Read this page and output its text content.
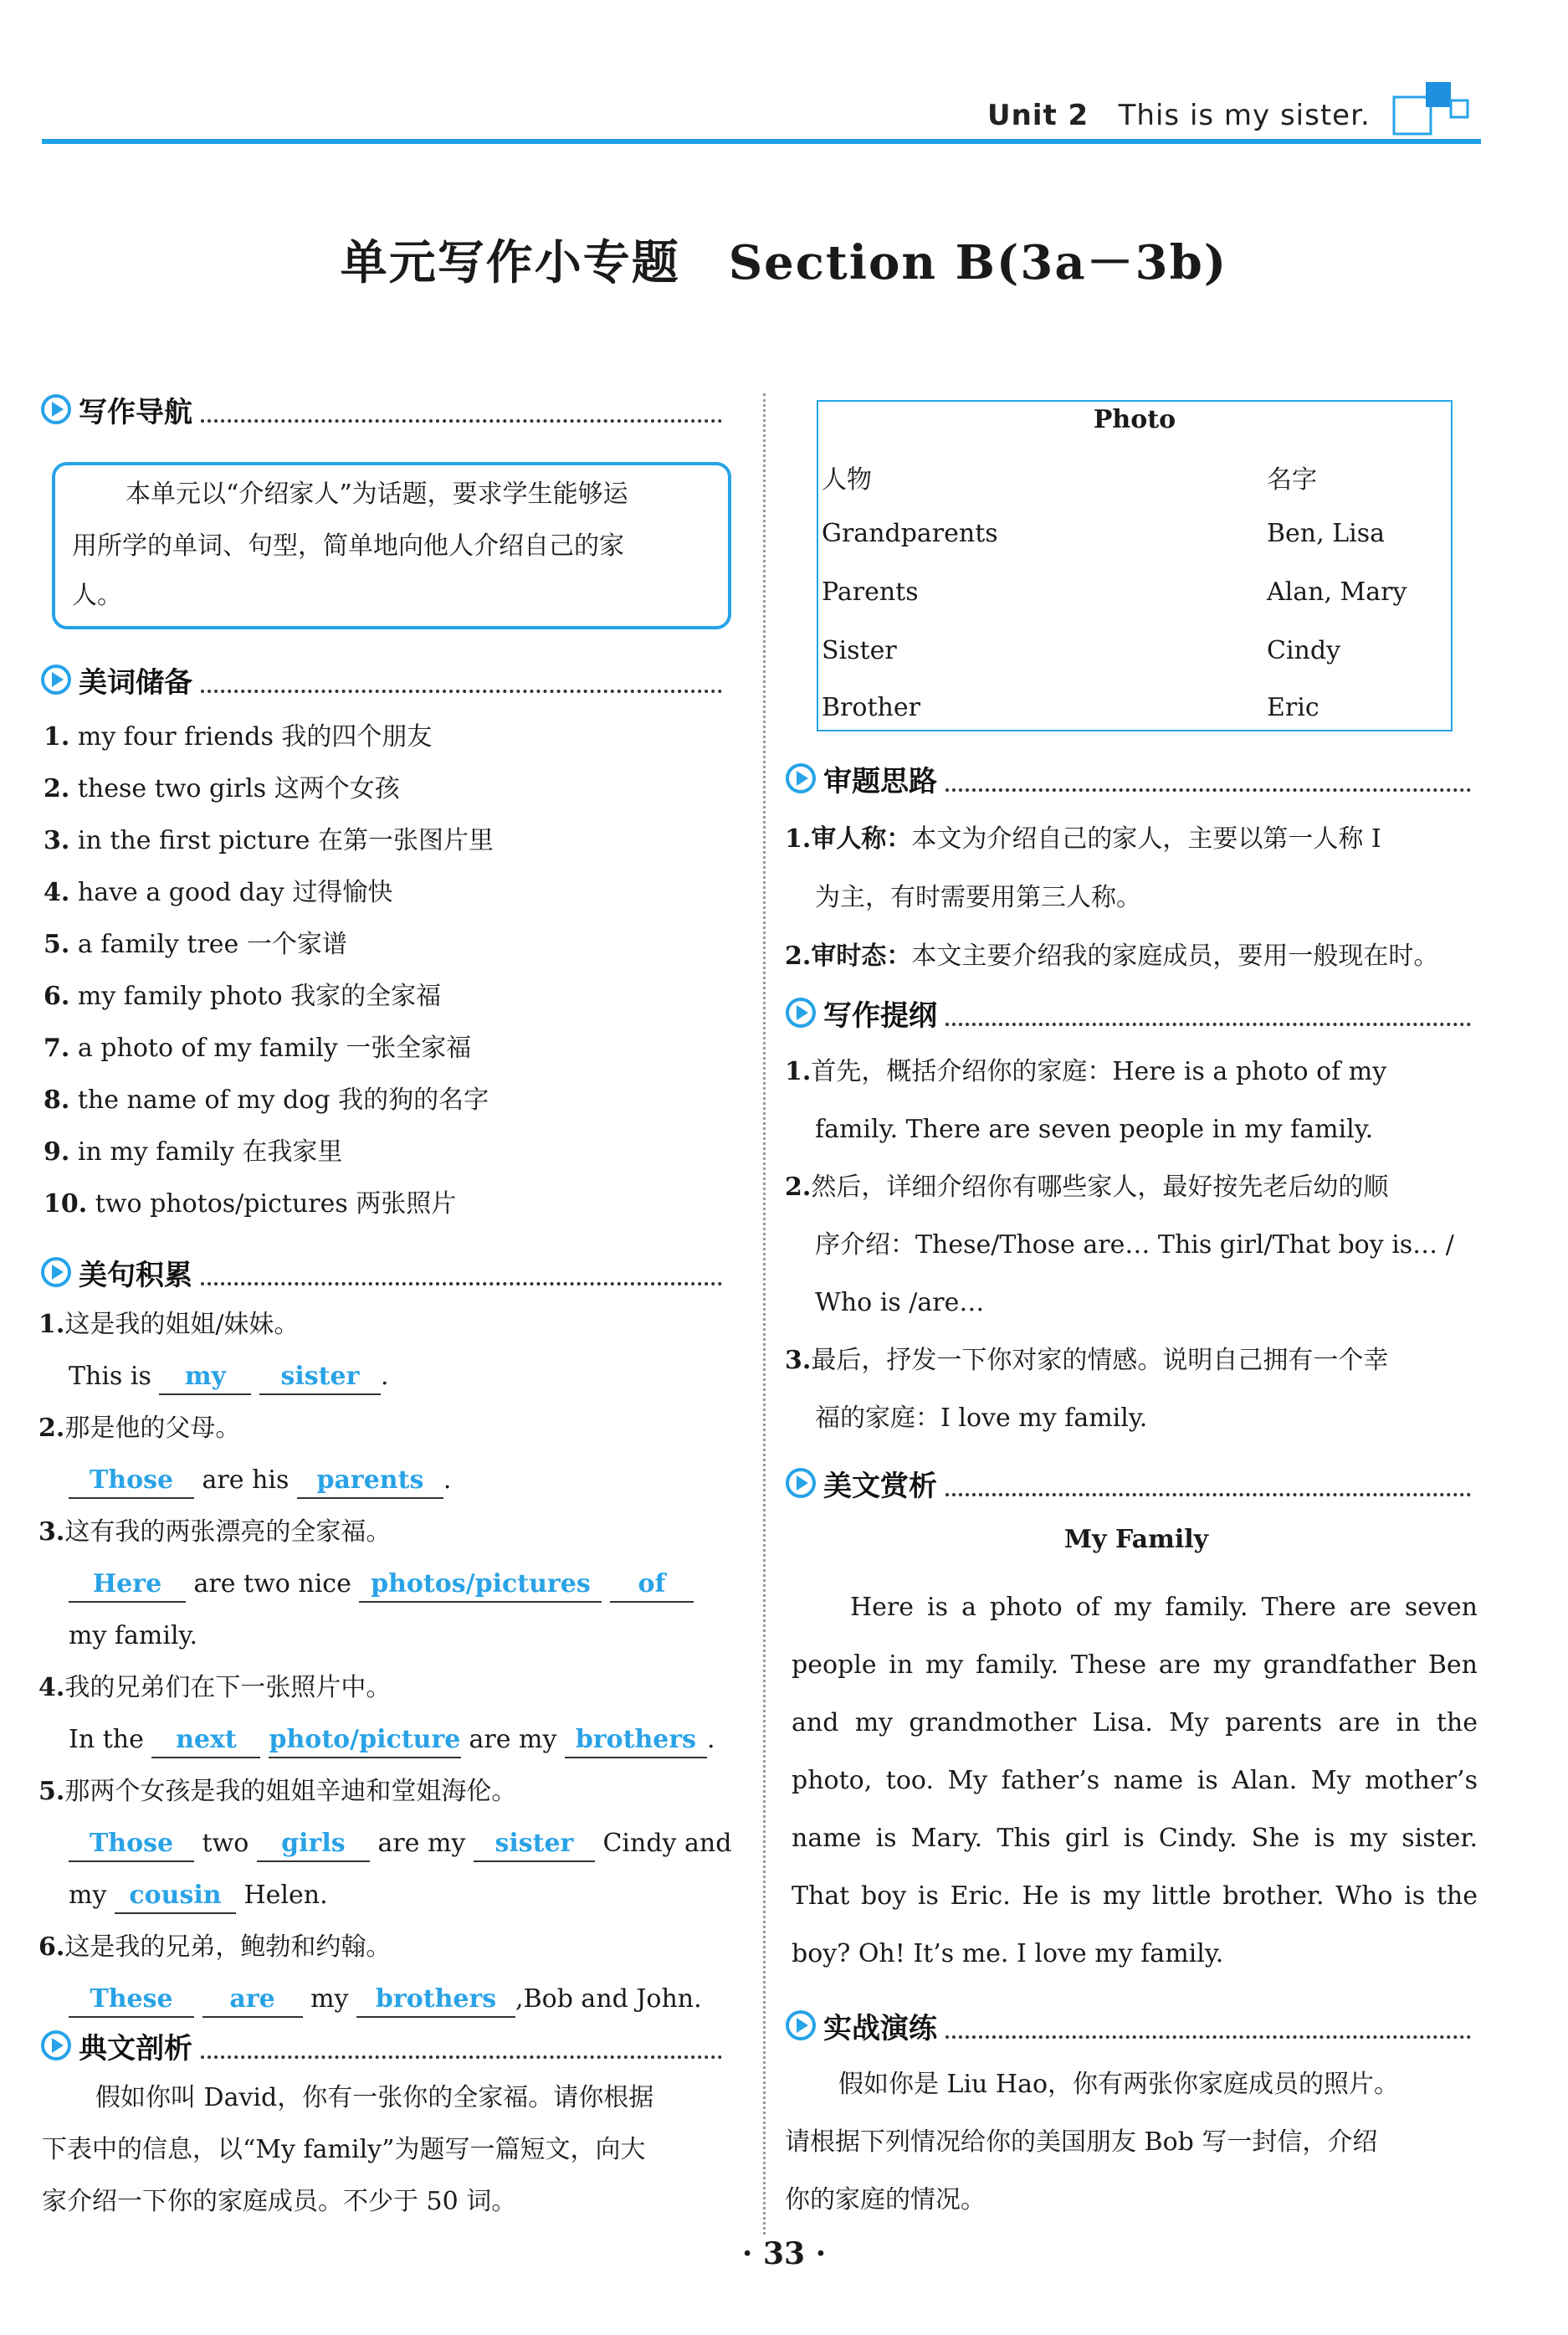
Unit 2 This is my sister.
单元写作小专题　Section B(3a－3b)
写作导航
本单元以“介绍家人”为话题，要求学生能够运
用所学的单词、句型，简单地向他人介绍自己的家
人。
美词储备
1. my four friends 我的四个朋友
2. these two girls 这两个女孩
3. in the first picture 在第一张图片里
4. have a good day 过得愉快
5. a family tree 一个家谱
6. my family photo 我家的全家福
7. a photo of my family 一张全家福
8. the name of my dog 我的狗的名字
9. in my family 在我家里
10. two photos/pictures 两张照片
美句积累
1.这是我的姐姐/妹妹。
This is my sister .
2.那是他的父母。
Those are his parents .
3.这有我的两张漂亮的全家福。
Here are two nice photos/pictures of
my family.
4.我的兄弟们在下一张照片中。
In the next photo/picture are my brothers .
5.那两个女孩是我的姐姐辛迪和堂姐海伦。
Those two girls are my sister Cindy and
my cousin Helen.
6.这是我的兄弟，鲍勃和约翰。
These are my brothers ,Bob and John.
典文剖析
假如你叫 David，你有一张你的全家福。请你根据
下表中的信息，以“My family”为题写一篇短文，向大
家介绍一下你的家庭成员。不少于 50 词。
Photo
人物	名字
Grandparents	Ben, Lisa
Parents	Alan, Mary
Sister	Cindy
Brother	Eric
审题思路
1.审人称：本文为介绍自己的家人，主要以第一人称 I
为主，有时需要用第三人称。
2.审时态：本文主要介绍我的家庭成员，要用一般现在时。
写作提纲
1.首先，概括介绍你的家庭：Here is a photo of my
family. There are seven people in my family.
2.然后，详细介绍你有哪些家人，最好按先老后幼的顺
序介绍：These/Those are… This girl/That boy is… /
Who is /are…
3.最后，抒发一下你对家的情感。说明自己拥有一个幸
福的家庭：I love my family.
美文赏析
My Family
Here is a photo of my family. There are seven
people in my family. These are my grandfather Ben
and my grandmother Lisa. My parents are in the
photo, too. My father’s name is Alan. My mother’s
name is Mary. This girl is Cindy. She is my sister.
That boy is Eric. He is my little brother. Who is the
boy? Oh! It’s me. I love my family.
实战演练
假如你是 Liu Hao，你有两张你家庭成员的照片。
请根据下列情况给你的美国朋友 Bob 写一封信，介绍
你的家庭的情况。
· 33 ·
